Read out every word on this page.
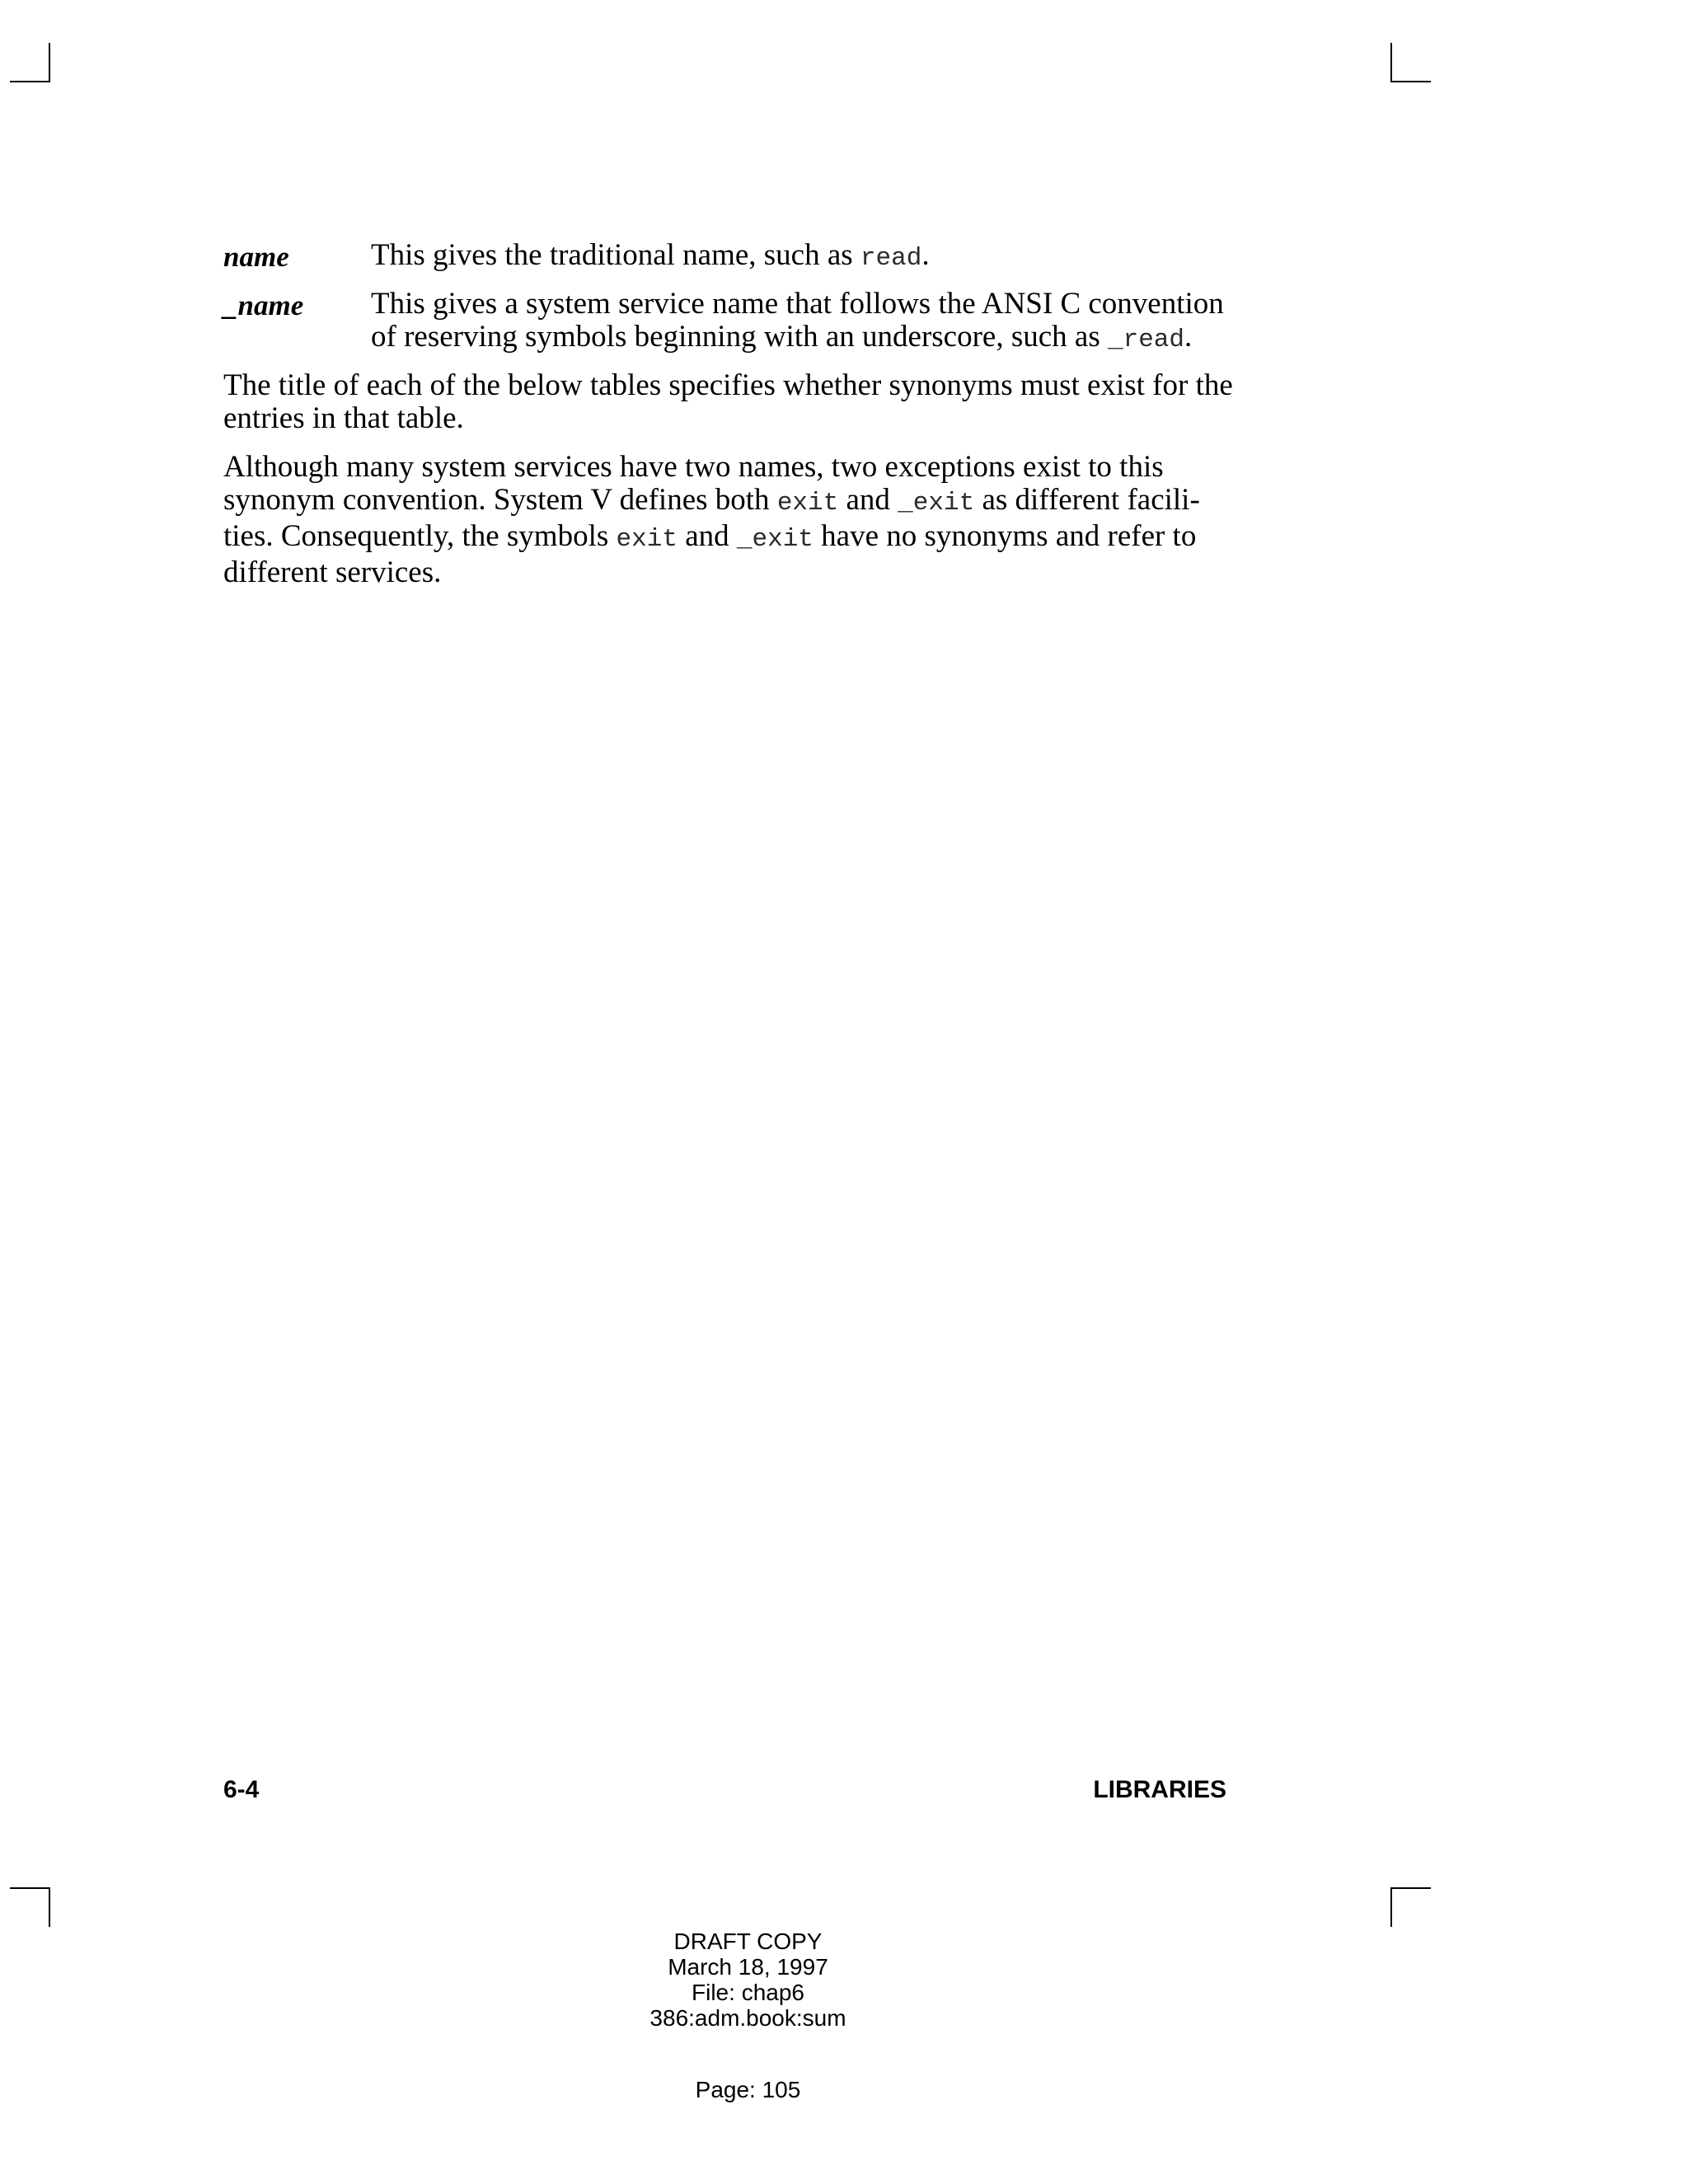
name	This gives the traditional name, such as read.
_name This gives a system service name that follows the ANSI C convention
of reserving symbols beginning with an underscore, such as _read.
The title of each of the below tables specifies whether synonyms must exist for the
entries in that table.
Although many system services have two names, two exceptions exist to this
synonym convention. System V defines both exit and _exit as different facili-
ties. Consequently, the symbols exit and _exit have no synonyms and refer to
different services.
6-4	LIBRARIES
DRAFT COPY
March 18, 1997
File: chap6
386:adm.book:sum
Page: 105
